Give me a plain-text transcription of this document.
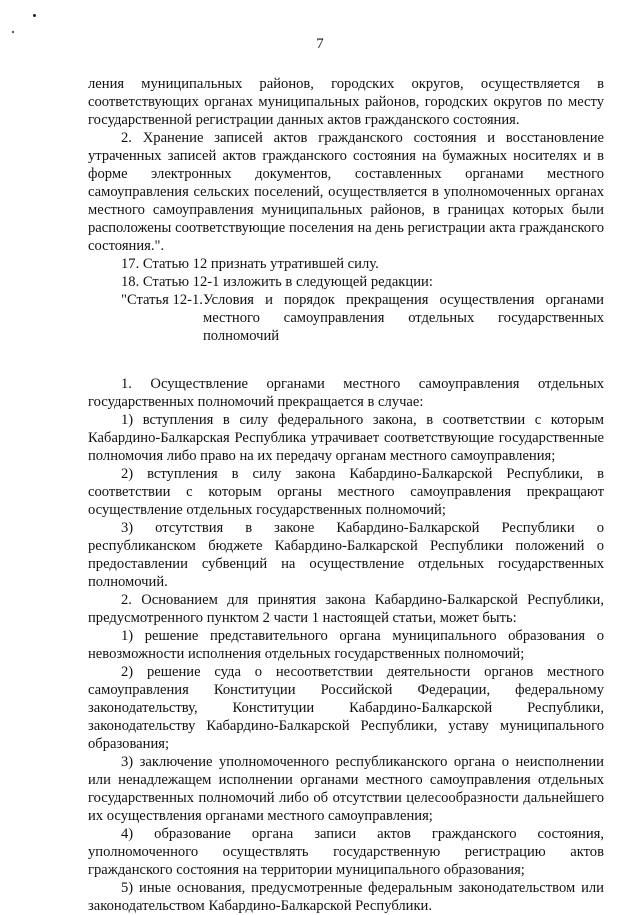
7

ления муниципальных районов, городских округов, осуществляется в соответствующих органах муниципальных районов, городских округов по месту государственной регистрации данных актов гражданского состояния.

2. Хранение записей актов гражданского состояния и восстановление утраченных записей актов гражданского состояния на бумажных носителях и в форме электронных документов, составленных органами местного самоуправления сельских поселений, осуществляется в уполномоченных органах местного самоуправления муниципальных районов, в границах которых были расположены соответствующие поселения на день регистрации акта гражданского состояния.".

17. Статью 12 признать утратившей силу.

18. Статью 12-1 изложить в следующей редакции:

"Статья 12-1. Условия и порядок прекращения осуществления органами местного самоуправления отдельных государственных полномочий

1. Осуществление органами местного самоуправления отдельных государственных полномочий прекращается в случае:

1) вступления в силу федерального закона, в соответствии с которым Кабардино-Балкарская Республика утрачивает соответствующие государственные полномочия либо право на их передачу органам местного самоуправления;

2) вступления в силу закона Кабардино-Балкарской Республики, в соответствии с которым органы местного самоуправления прекращают осуществление отдельных государственных полномочий;

3) отсутствия в законе Кабардино-Балкарской Республики о республиканском бюджете Кабардино-Балкарской Республики положений о предоставлении субвенций на осуществление отдельных государственных полномочий.

2. Основанием для принятия закона Кабардино-Балкарской Республики, предусмотренного пунктом 2 части 1 настоящей статьи, может быть:

1) решение представительного органа муниципального образования о невозможности исполнения отдельных государственных полномочий;

2) решение суда о несоответствии деятельности органов местного самоуправления Конституции Российской Федерации, федеральному законодательству, Конституции Кабардино-Балкарской Республики, законодательству Кабардино-Балкарской Республики, уставу муниципального образования;

3) заключение уполномоченного республиканского органа о неисполнении или ненадлежащем исполнении органами местного самоуправления отдельных государственных полномочий либо об отсутствии целесообразности дальнейшего их осуществления органами местного самоуправления;

4) образование органа записи актов гражданского состояния, уполномоченного осуществлять государственную регистрацию актов гражданского состояния на территории муниципального образования;

5) иные основания, предусмотренные федеральным законодательством или законодательством Кабардино-Балкарской Республики.
